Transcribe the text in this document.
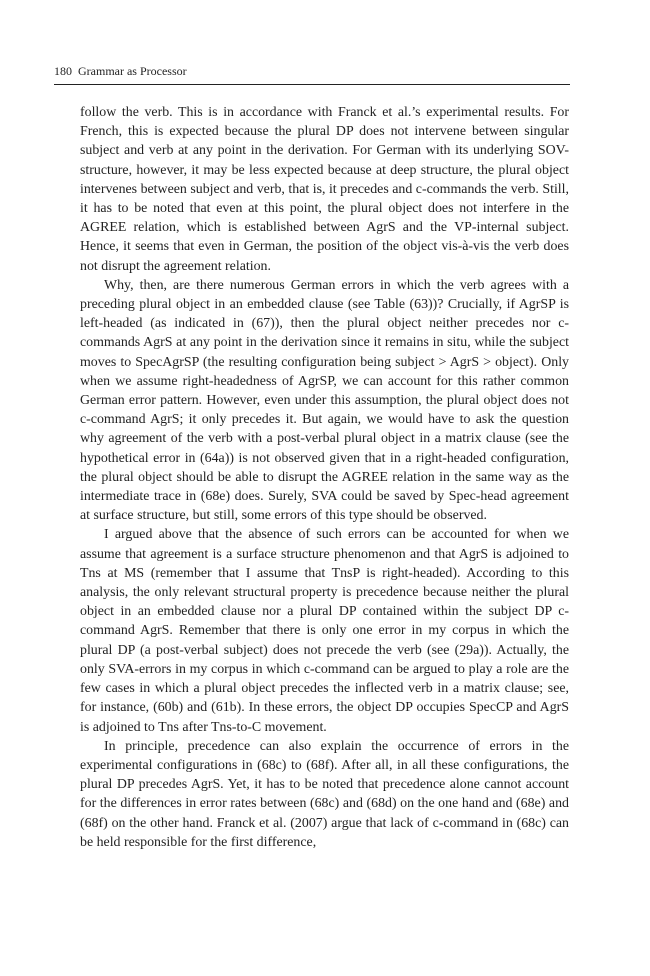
180 Grammar as Processor

follow the verb. This is in accordance with Franck et al.’s experimental results. For French, this is expected because the plural DP does not intervene between singular subject and verb at any point in the derivation. For German with its underlying SOV-structure, however, it may be less expected because at deep structure, the plural object intervenes between subject and verb, that is, it precedes and c-commands the verb. Still, it has to be noted that even at this point, the plural object does not interfere in the AGREE relation, which is established between AgrS and the VP-internal subject. Hence, it seems that even in German, the position of the object vis-à-vis the verb does not disrupt the agreement relation.

Why, then, are there numerous German errors in which the verb agrees with a preceding plural object in an embedded clause (see Table (63))? Crucially, if AgrSP is left-headed (as indicated in (67)), then the plural object neither precedes nor c-commands AgrS at any point in the derivation since it remains in situ, while the subject moves to SpecAgrSP (the resulting configuration being subject > AgrS > object). Only when we assume right-headedness of AgrSP, we can account for this rather common German error pattern. However, even under this assumption, the plural object does not c-command AgrS; it only precedes it. But again, we would have to ask the question why agreement of the verb with a post-verbal plural object in a matrix clause (see the hypothetical error in (64a)) is not observed given that in a right-headed configuration, the plural object should be able to disrupt the AGREE relation in the same way as the intermediate trace in (68e) does. Surely, SVA could be saved by Spec-head agreement at surface structure, but still, some errors of this type should be observed.

I argued above that the absence of such errors can be accounted for when we assume that agreement is a surface structure phenomenon and that AgrS is adjoined to Tns at MS (remember that I assume that TnsP is right-headed). According to this analysis, the only relevant structural property is precedence because neither the plural object in an embedded clause nor a plural DP contained within the subject DP c-command AgrS. Remember that there is only one error in my corpus in which the plural DP (a post-verbal subject) does not precede the verb (see (29a)). Actually, the only SVA-errors in my corpus in which c-command can be argued to play a role are the few cases in which a plural object precedes the inflected verb in a matrix clause; see, for instance, (60b) and (61b). In these errors, the object DP occupies SpecCP and AgrS is adjoined to Tns after Tns-to-C movement.

In principle, precedence can also explain the occurrence of errors in the experimental configurations in (68c) to (68f). After all, in all these configurations, the plural DP precedes AgrS. Yet, it has to be noted that precedence alone cannot account for the differences in error rates between (68c) and (68d) on the one hand and (68e) and (68f) on the other hand. Franck et al. (2007) argue that lack of c-command in (68c) can be held responsible for the first difference,
